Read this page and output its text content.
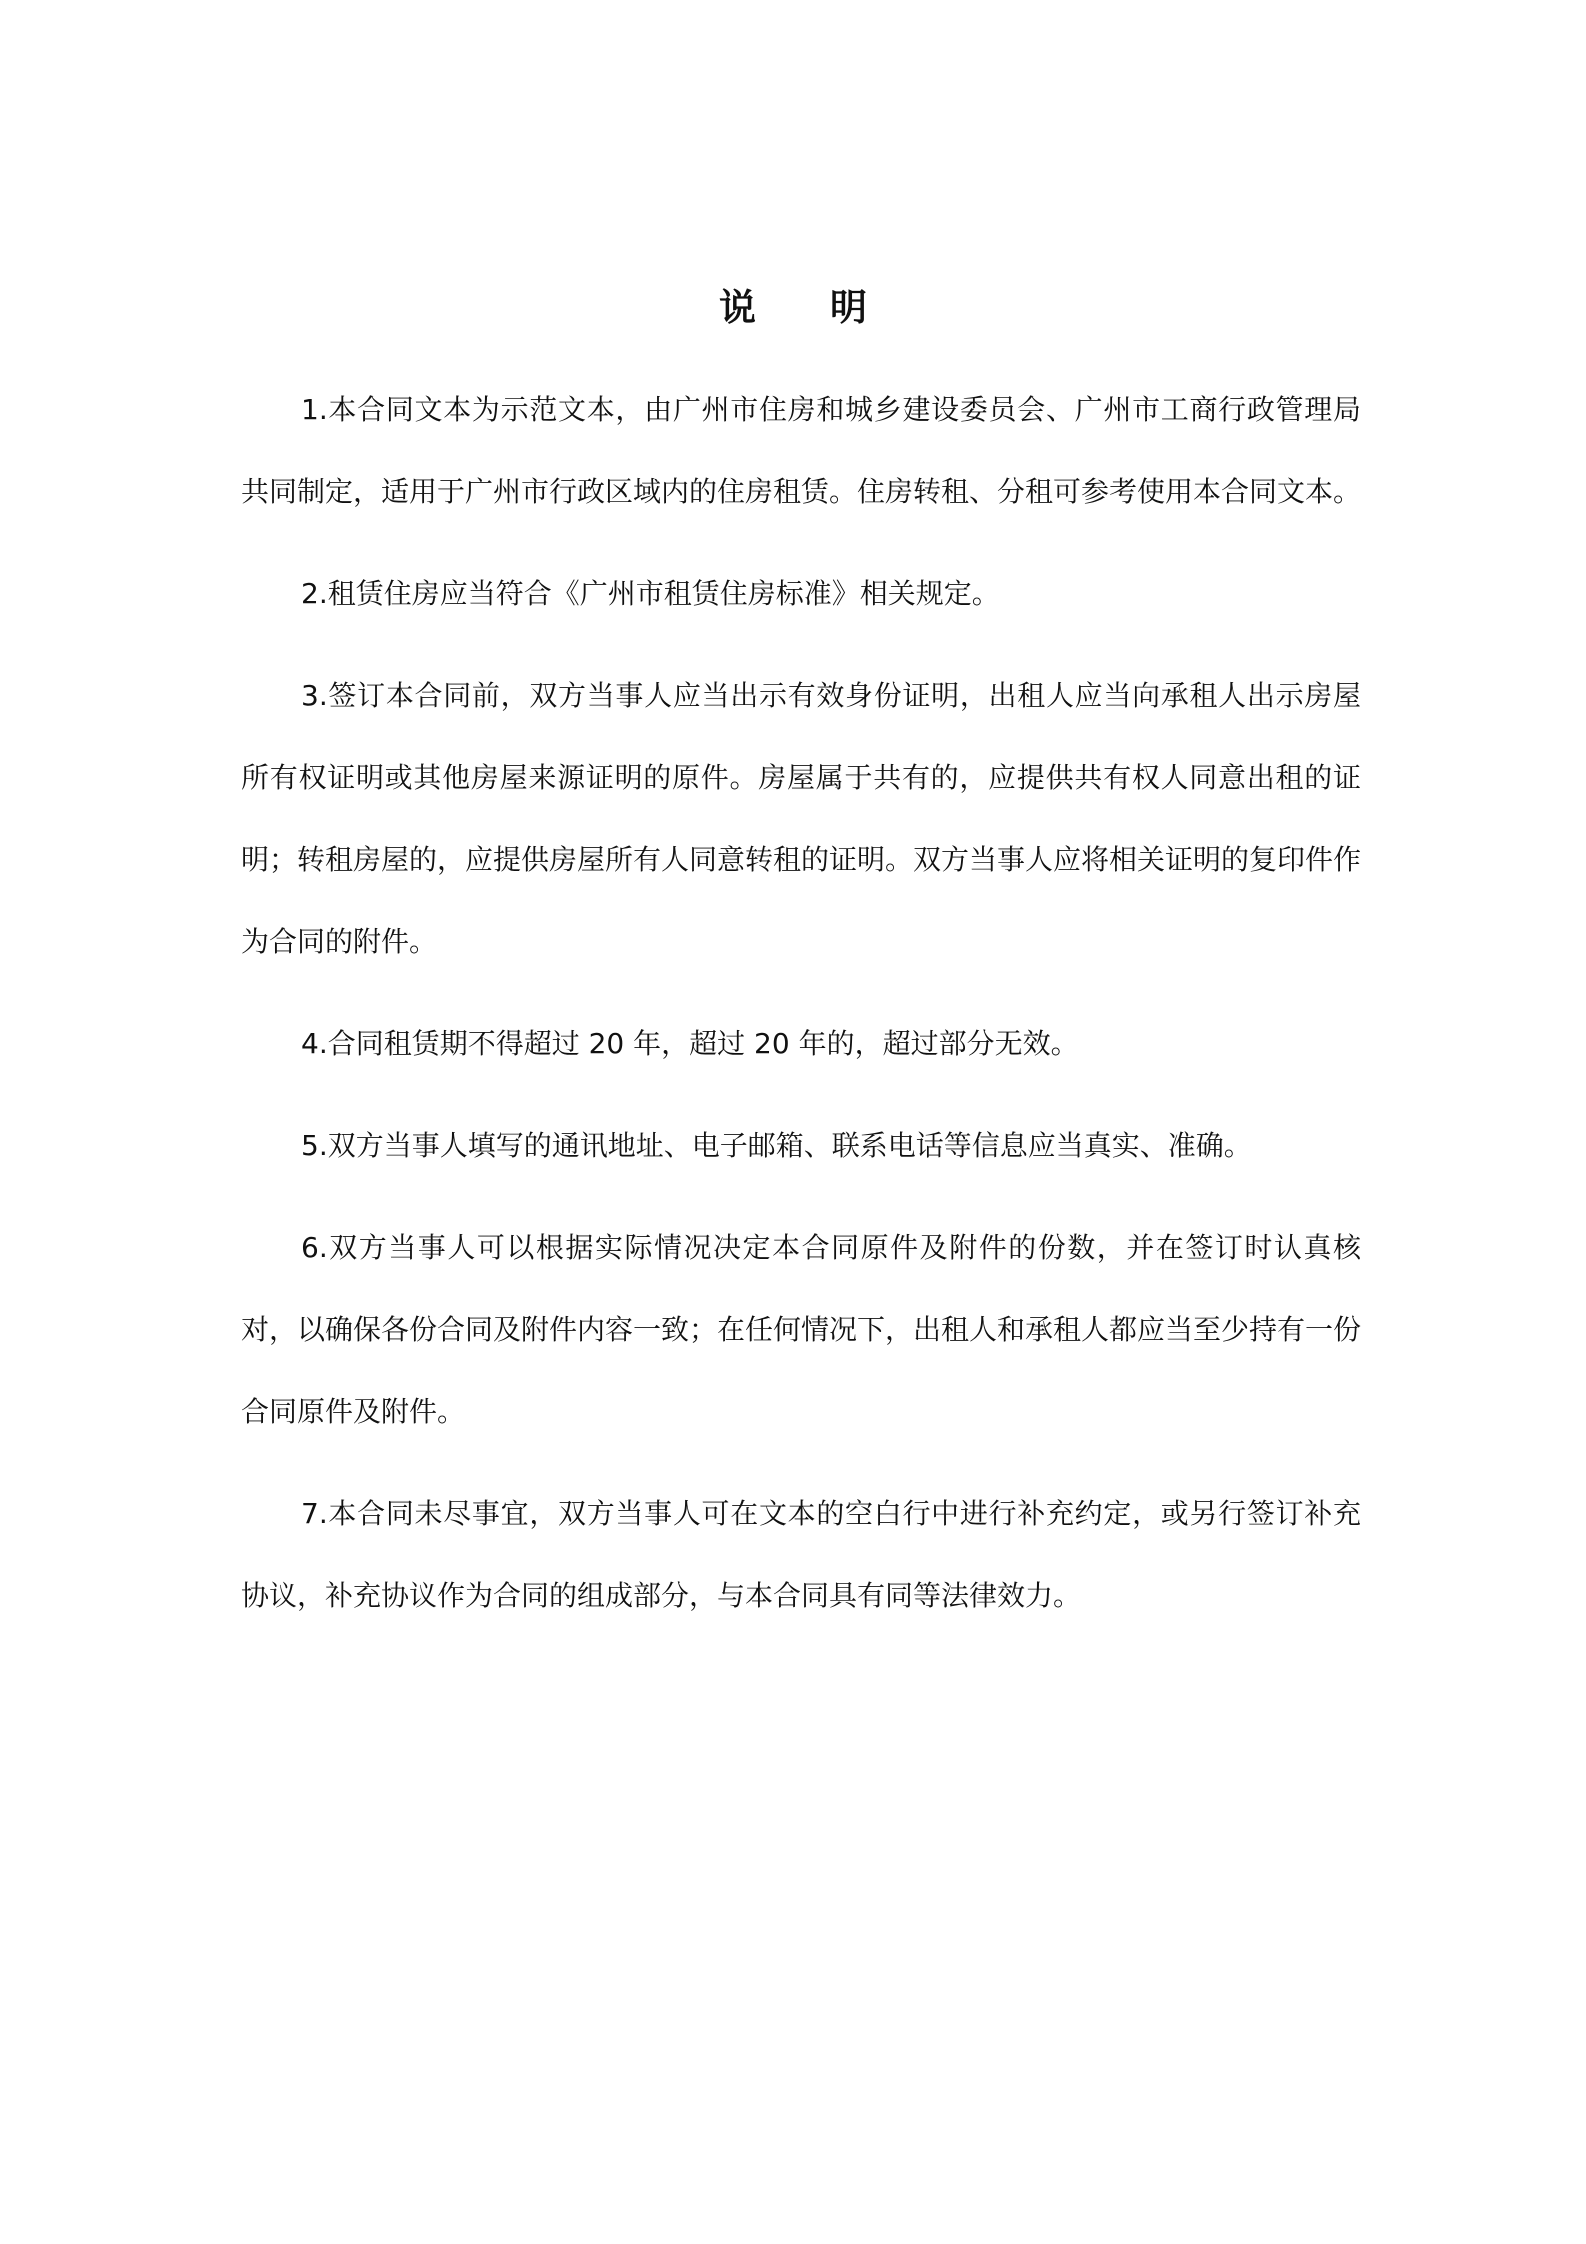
说　　明

1.本合同文本为示范文本，由广州市住房和城乡建设委员会、广州市工商行政管理局共同制定，适用于广州市行政区域内的住房租赁。住房转租、分租可参考使用本合同文本。

2.租赁住房应当符合《广州市租赁住房标准》相关规定。

3.签订本合同前，双方当事人应当出示有效身份证明，出租人应当向承租人出示房屋所有权证明或其他房屋来源证明的原件。房屋属于共有的，应提供共有权人同意出租的证明；转租房屋的，应提供房屋所有人同意转租的证明。双方当事人应将相关证明的复印件作为合同的附件。

4.合同租赁期不得超过 20 年，超过 20 年的，超过部分无效。

5.双方当事人填写的通讯地址、电子邮箱、联系电话等信息应当真实、准确。

6.双方当事人可以根据实际情况决定本合同原件及附件的份数，并在签订时认真核对，以确保各份合同及附件内容一致；在任何情况下，出租人和承租人都应当至少持有一份合同原件及附件。

7.本合同未尽事宜，双方当事人可在文本的空白行中进行补充约定，或另行签订补充协议，补充协议作为合同的组成部分，与本合同具有同等法律效力。
